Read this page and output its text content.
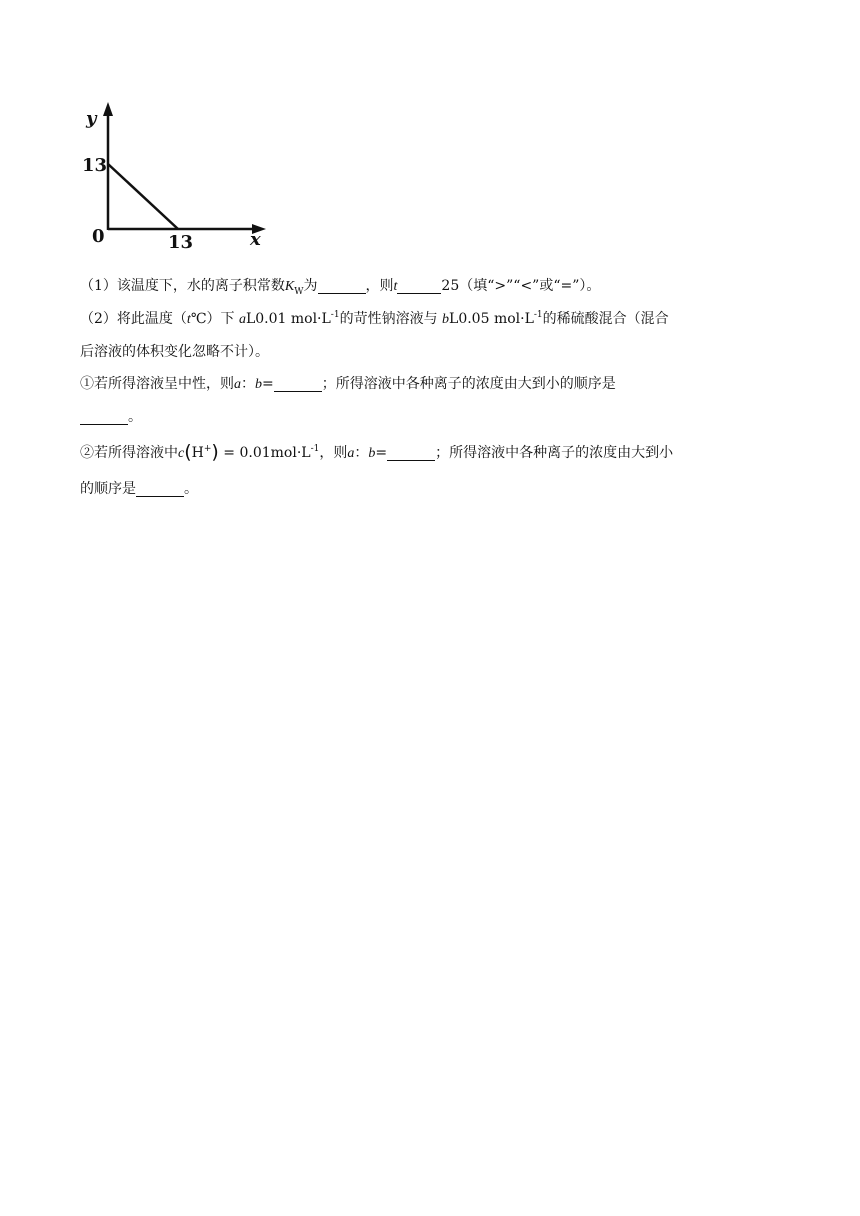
y
13
0	13	x
（1）该温度下，水的离子积常数$K_W$为	，则t	25（填“>”“<”或“=”）。
（2）将此温度（t℃）下 aL0.01 $mol\cdot L^{-1}$的苛性钠溶液与 bL0.05 $mol\cdot L^{-1}$的稀硫酸混合（混合
后溶液的体积变化忽略不计）。
①若所得溶液呈中性，则a：b=	；所得溶液中各种离子的浓度由大到小的顺序是
。
②若所得溶液中$c(H^+) = 0.01mol\cdot L^{-1}$，则a：b=	；所得溶液中各种离子的浓度由大到小
的顺序是	。
